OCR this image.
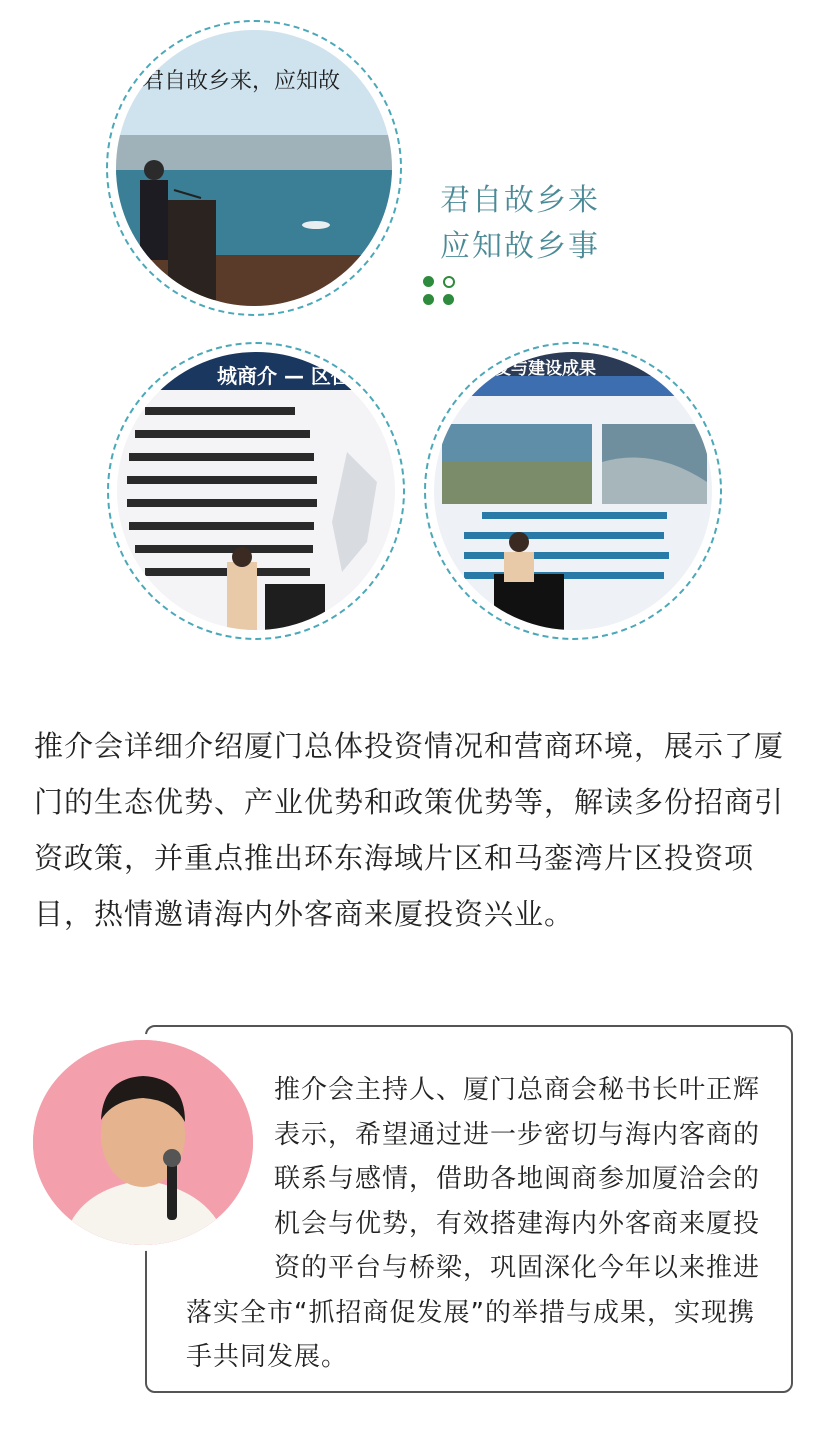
君自故乡来，应知故
君自故乡来
应知故乡事
城商介 — 区位	发与建设成果
推介会详细介绍厦门总体投资情况和营商环境，展示了厦门的生态优势、产业优势和政策优势等，解读多份招商引资政策，并重点推出环东海域片区和马銮湾片区投资项目，热情邀请海内外客商来厦投资兴业。
推介会主持人、厦门总商会秘书长叶正辉表示，希望通过进一步密切与海内客商的联系与感情，借助各地闽商参加厦洽会的机会与优势，有效搭建海内外客商来厦投资的平台与桥梁，巩固深化今年以来推进落实全市“抓招商促发展”的举措与成果，实现携手共同发展。
